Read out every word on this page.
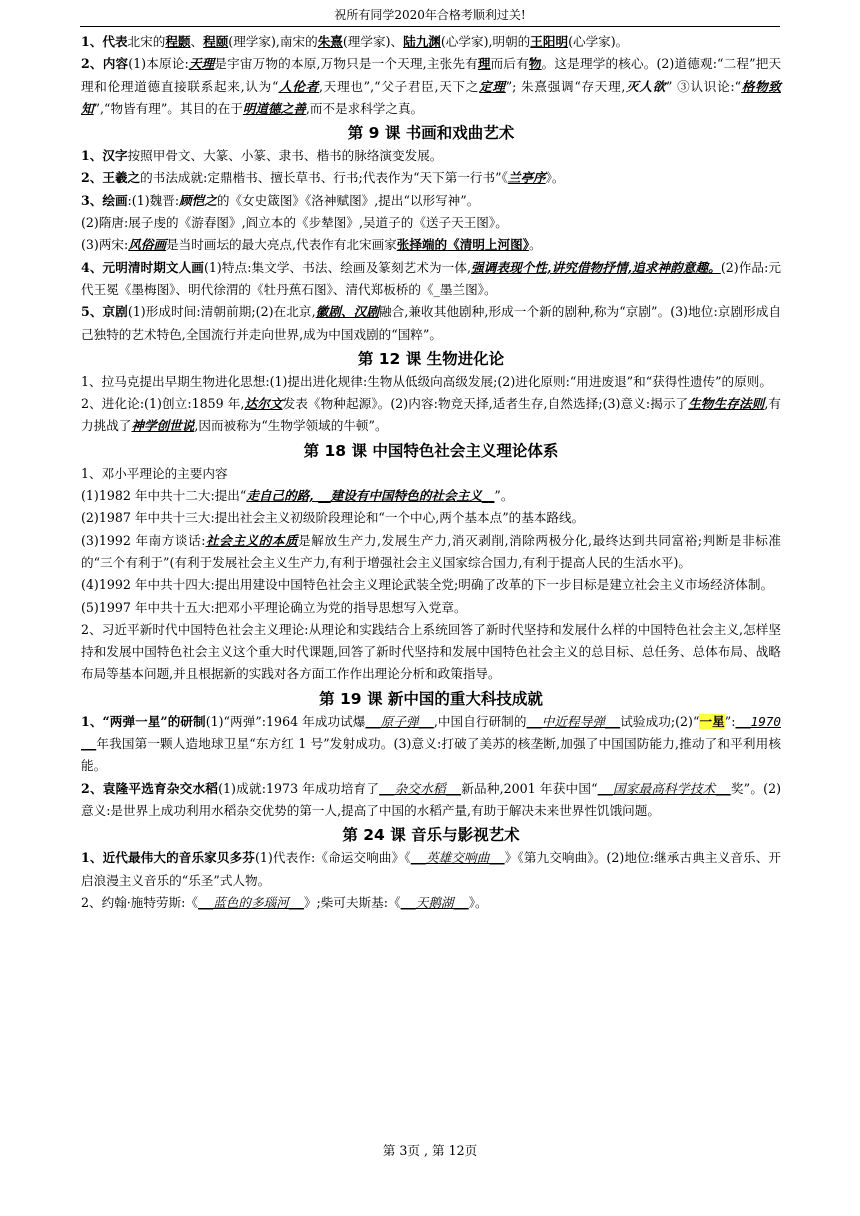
祝所有同学2020年合格考顺利过关!

1、代表北宋的程颢、程颐(理学家),南宋的朱熹(理学家)、陆九渊(心学家),明朝的王阳明(心学家)。

2、内容(1)本原论:天理是宇宙万物的本原,万物只是一个天理,主张先有理而后有物。这是理学的核心。(2)道德观:“二程”把天理和伦理道德直接联系起来,认为“人伦者,天理也”,“父子君臣,天下之定理”; 朱熹强调“存天理,灭人欲” ③认识论:“格物致知”,“物皆有理”。其目的在于明道德之善,而不是求科学之真。

第 9 课 书画和戏曲艺术

1、汉字按照甲骨文、大篆、小篆、隶书、楷书的脉络演变发展。

2、王羲之的书法成就:定鼎楷书、擅长草书、行书;代表作为“天下第一行书”《兰亭序》。

3、绘画:(1)魏晋:顾恺之的《女史箴图》《洛神赋图》,提出“以形写神”。

(2)隋唐:展子虔的《游春图》,阎立本的《步辇图》,吴道子的《送子天王图》。

(3)两宋:风俗画是当时画坛的最大亮点,代表作有北宋画家张择端的《清明上河图》。

4、元明清时期文人画(1)特点:集文学、书法、绘画及篆刻艺术为一体,强调表现个性,讲究借物抒情,追求神韵意趣。(2)作品:元代王冕《墨梅图》、明代徐渭的《牡丹蕉石图》、清代郑板桥的《_墨兰图》。

5、京剧(1)形成时间:清朝前期;(2)在北京,徽剧、汉剧融合,兼收其他剧种,形成一个新的剧种,称为“京剧”。(3)地位:京剧形成自己独特的艺术特色,全国流行并走向世界,成为中国戏剧的“国粹”。

第 12 课 生物进化论

1、拉马克提出早期生物进化思想:(1)提出进化规律:生物从低级向高级发展;(2)进化原则:“用进废退”和“获得性遗传”的原则。

2、进化论:(1)创立:1859 年,达尔文发表《物种起源》。(2)内容:物竞天择,适者生存,自然选择;(3)意义:揭示了生物生存法则,有力挑战了神学创世说,因而被称为“生物学领域的牛顿”。

第 18 课 中国特色社会主义理论体系

1、邓小平理论的主要内容

(1)1982 年中共十二大:提出“走自己的路, __建设有中国特色的社会主义__”。

(2)1987 年中共十三大:提出社会主义初级阶段理论和“一个中心,两个基本点”的基本路线。

(3)1992 年南方谈话:社会主义的本质是解放生产力,发展生产力,消灭剥削,消除两极分化,最终达到共同富裕;判断是非标准的“三个有利于”(有利于发展社会主义生产力,有利于增强社会主义国家综合国力,有利于提高人民的生活水平)。

(4)1992 年中共十四大:提出用建设中国特色社会主义理论武装全党;明确了改革的下一步目标是建立社会主义市场经济体制。

(5)1997 年中共十五大:把邓小平理论确立为党的指导思想写入党章。

2、习近平新时代中国特色社会主义理论:从理论和实践结合上系统回答了新时代坚持和发展什么样的中国特色社会主义,怎样坚持和发展中国特色社会主义这个重大时代课题,回答了新时代坚持和发展中国特色社会主义的总目标、总任务、总体布局、战略布局等基本问题,并且根据新的实践对各方面工作作出理论分析和政策指导。

第 19 课 新中国的重大科技成就

1、“两弹一星”的研制(1)“两弹”:1964 年成功试爆__原子弹__,中国自行研制的__中近程导弹__试验成功;(2)“一星”:__1970__年我国第一颗人造地球卫星“东方红 1 号”发射成功。(3)意义:打破了美苏的核垄断,加强了中国国防能力,推动了和平利用核能。

2、袁隆平选育杂交水稻(1)成就:1973 年成功培育了__杂交水稻__新品种,2001 年获中国“__国家最高科学技术__奖”。(2)意义:是世界上成功利用水稻杂交优势的第一人,提高了中国的水稻产量,有助于解决未来世界性饥饿问题。

第 24 课 音乐与影视艺术

1、近代最伟大的音乐家贝多芬(1)代表作:《命运交响曲》《__英雄交响曲__》《第九交响曲》。(2)地位:继承古典主义音乐、开启浪漫主义音乐的“乐圣”式人物。

2、约翰·施特劳斯:《__蓝色的多瑙河__》;柴可夫斯基:《__天鹅湖__》。

第 3页 , 第 12页
